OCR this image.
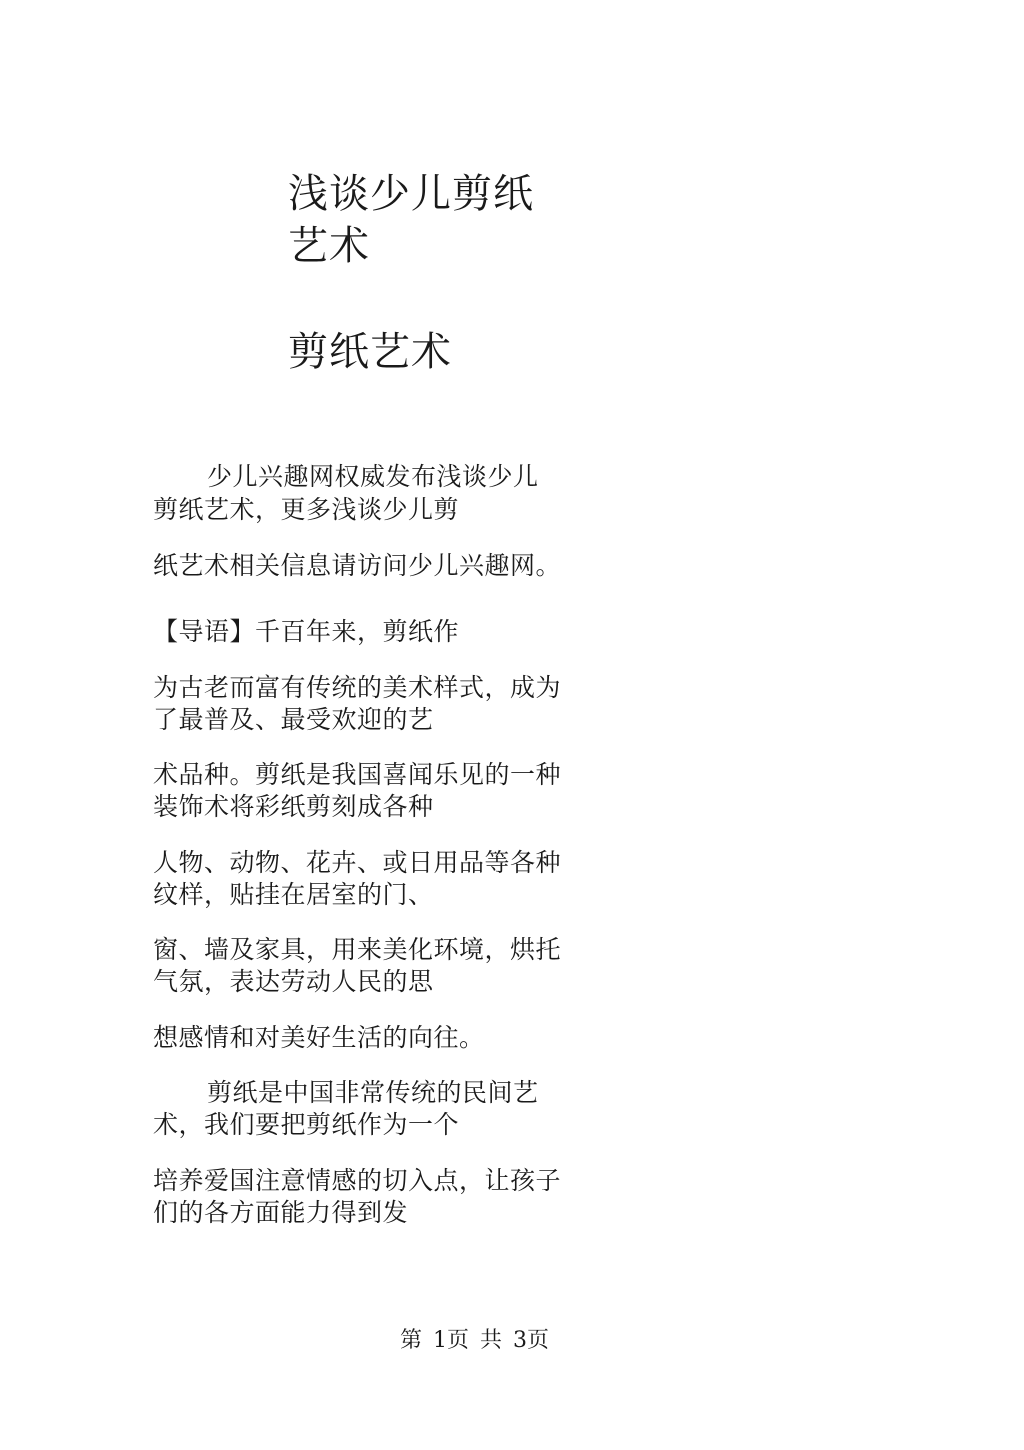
浅谈少儿剪纸
艺术
剪纸艺术
少儿兴趣网权威发布浅谈少儿
剪纸艺术，更多浅谈少儿剪
纸艺术相关信息请访问少儿兴趣网。
【导语】千百年来，剪纸作
为古老而富有传统的美术样式，成为
了最普及、最受欢迎的艺
术品种。剪纸是我国喜闻乐见的一种
装饰术将彩纸剪刻成各种
人物、动物、花卉、或日用品等各种
纹样，贴挂在居室的门、
窗、墙及家具，用来美化环境，烘托
气氛，表达劳动人民的思
想感情和对美好生活的向往。
剪纸是中国非常传统的民间艺
术，我们要把剪纸作为一个
培养爱国注意情感的切入点，让孩子
们的各方面能力得到发
第 1页 共 3页
